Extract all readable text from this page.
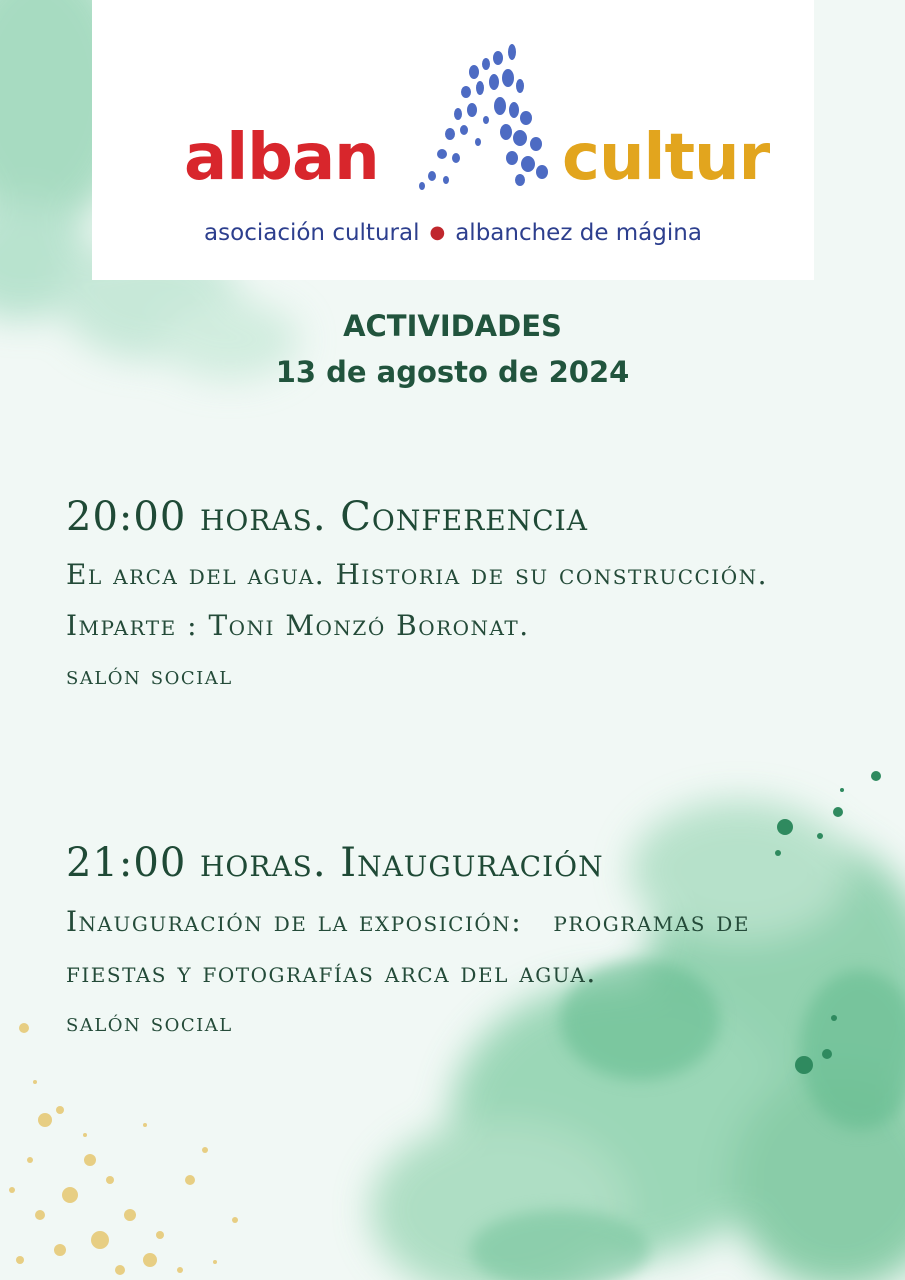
alban	cultur
asociación cultural ● albanchez de mágina
ACTIVIDADES
13 de agosto de 2024
20:00 horas. Conferencia
El arca del agua. Historia de su construcción.
Imparte : Toni Monzó Boronat.
salón social
21:00 horas. Inauguración
Inauguración de la exposición:   programas de
fiestas y fotografías arca del agua.
salón social
